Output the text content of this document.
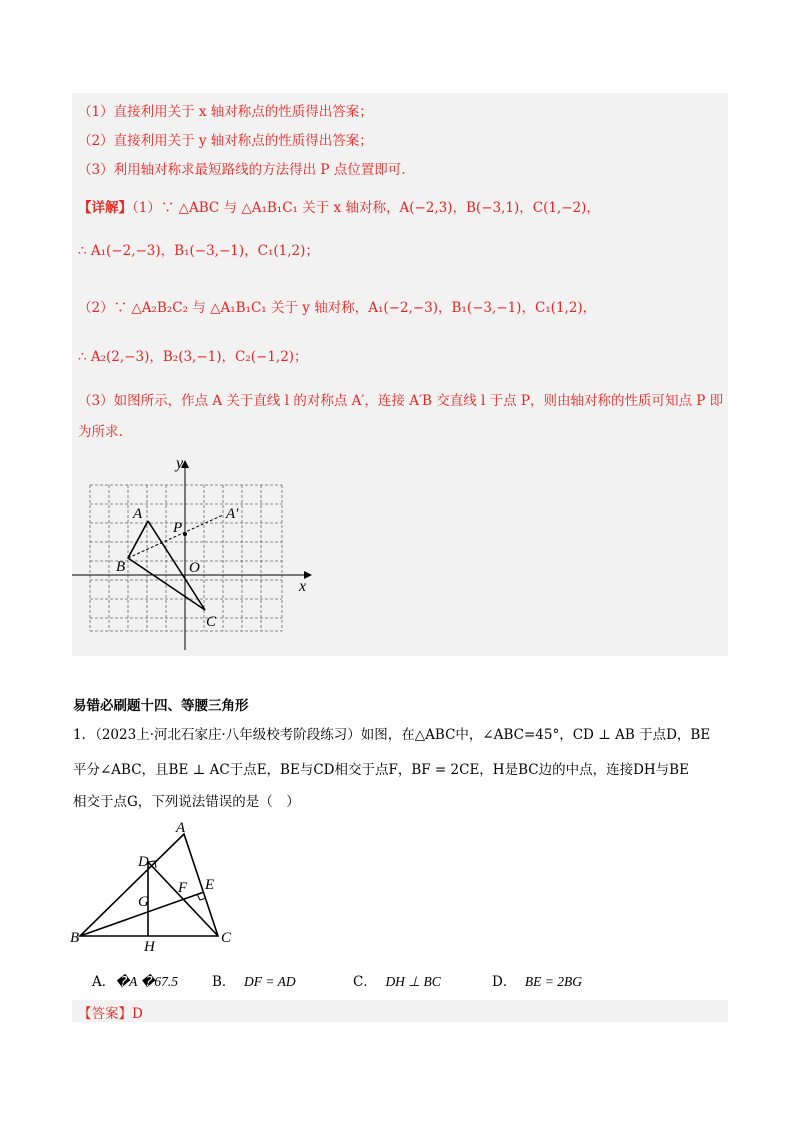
（1）直接利用关于 x 轴对称点的性质得出答案；
（2）直接利用关于 y 轴对称点的性质得出答案；
（3）利用轴对称求最短路线的方法得出 P 点位置即可.
【详解】（1）∵ △ABC 与 △A₁B₁C₁ 关于 x 轴对称，A(−2,3)，B(−3,1)，C(1,−2)，
∴ A₁(−2,−3)，B₁(−3,−1)，C₁(1,2)；
（2）∵ △A₂B₂C₂ 与 △A₁B₁C₁ 关于 y 轴对称，A₁(−2,−3)，B₁(−3,−1)，C₁(1,2)，
∴ A₂(2,−3)，B₂(3,−1)，C₂(−1,2)；
（3）如图所示，作点 A 关于直线 l 的对称点 A′，连接 A′B 交直线 l 于点 P，则由轴对称的性质可知点 P 即
为所求.
y
x
A	A′
P
B	O
C
易错必刷题十四、等腰三角形
1．（2023上·河北石家庄·八年级校考阶段练习）如图，在△ABC中，∠ABC=45°，CD ⊥ AB 于点D，BE
平分∠ABC，且BE ⊥ AC于点E，BE与CD相交于点F，BF = 2CE，H是BC边的中点，连接DH与BE
相交于点G，下列说法错误的是（　）
A
D
E
F
G
B
H
C
A．�A �67.5	B． DF = AD	C． DH ⊥ BC	D． BE = 2BG
【答案】D
